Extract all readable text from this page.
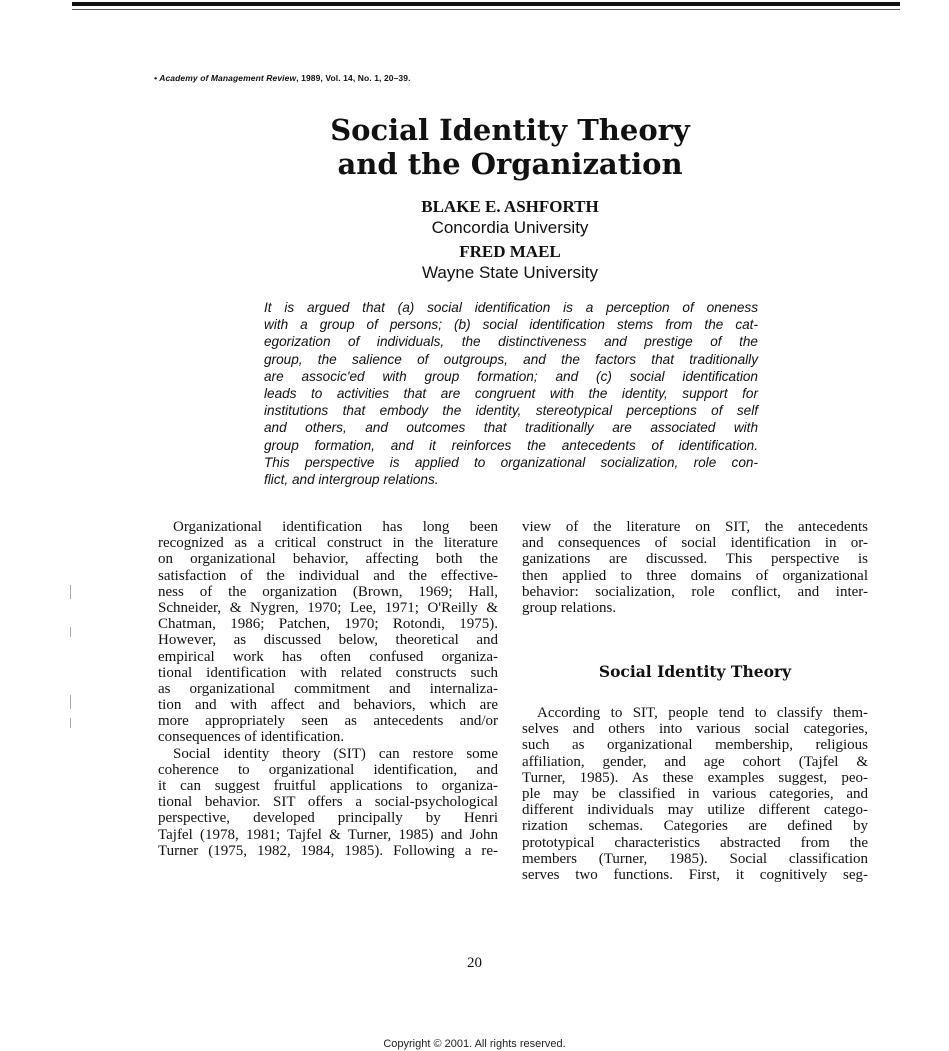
• Academy of Management Review, 1989, Vol. 14, No. 1, 20–39.
Social Identity Theory
and the Organization
BLAKE E. ASHFORTH
Concordia University
FRED MAEL
Wayne State University
It is argued that (a) social identification is a perception of oneness
with a group of persons; (b) social identification stems from the cat-
egorization of individuals, the distinctiveness and prestige of the
group, the salience of outgroups, and the factors that traditionally
are associc'ed with group formation; and (c) social identification
leads to activities that are congruent with the identity, support for
institutions that embody the identity, stereotypical perceptions of self
and others, and outcomes that traditionally are associated with
group formation, and it reinforces the antecedents of identification.
This perspective is applied to organizational socialization, role con-
flict, and intergroup relations.
 Organizational identification has long been
recognized as a critical construct in the literature
on organizational behavior, affecting both the
satisfaction of the individual and the effective-
ness of the organization (Brown, 1969; Hall,
Schneider, & Nygren, 1970; Lee, 1971; O'Reilly &
Chatman, 1986; Patchen, 1970; Rotondi, 1975).
However, as discussed below, theoretical and
empirical work has often confused organiza-
tional identification with related constructs such
as organizational commitment and internaliza-
tion and with affect and behaviors, which are
more appropriately seen as antecedents and/or
consequences of identification.
 Social identity theory (SIT) can restore some
coherence to organizational identification, and
it can suggest fruitful applications to organiza-
tional behavior. SIT offers a social-psychological
perspective, developed principally by Henri
Tajfel (1978, 1981; Tajfel & Turner, 1985) and John
Turner (1975, 1982, 1984, 1985). Following a re-
view of the literature on SIT, the antecedents
and consequences of social identification in or-
ganizations are discussed. This perspective is
then applied to three domains of organizational
behavior: socialization, role conflict, and inter-
group relations.
Social Identity Theory
 According to SIT, people tend to classify them-
selves and others into various social categories,
such as organizational membership, religious
affiliation, gender, and age cohort (Tajfel &
Turner, 1985). As these examples suggest, peo-
ple may be classified in various categories, and
different individuals may utilize different catego-
rization schemas. Categories are defined by
prototypical characteristics abstracted from the
members (Turner, 1985). Social classification
serves two functions. First, it cognitively seg-
20
Copyright © 2001. All rights reserved.
